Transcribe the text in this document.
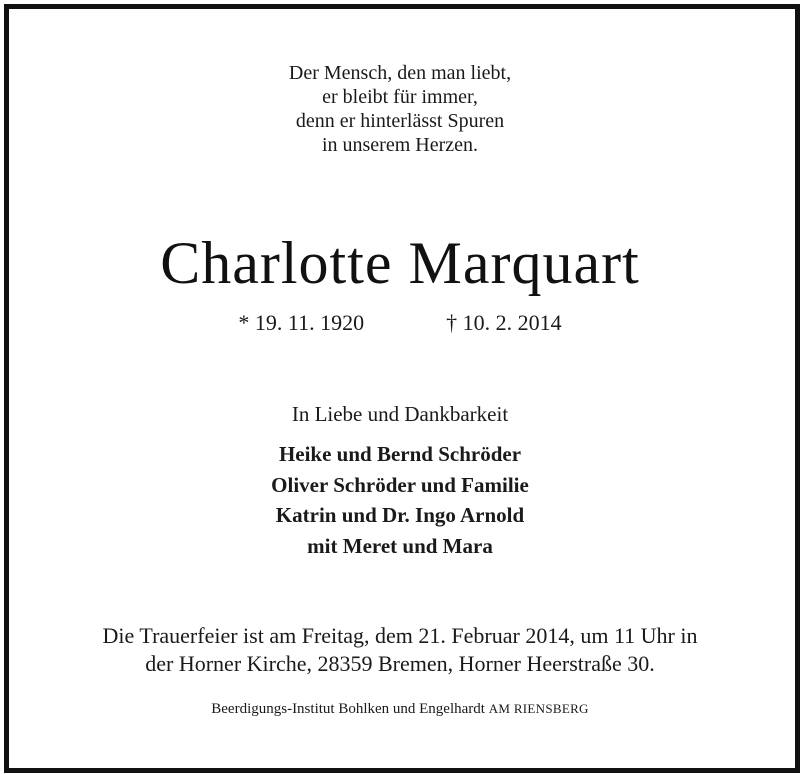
Der Mensch, den man liebt,
er bleibt für immer,
denn er hinterlässt Spuren
in unserem Herzen.
Charlotte Marquart
* 19. 11. 1920	† 10. 2. 2014
In Liebe und Dankbarkeit
Heike und Bernd Schröder
Oliver Schröder und Familie
Katrin und Dr. Ingo Arnold
mit Meret und Mara
Die Trauerfeier ist am Freitag, dem 21. Februar 2014, um 11 Uhr in
der Horner Kirche, 28359 Bremen, Horner Heerstraße 30.
Beerdigungs-Institut Bohlken und Engelhardt AM RIENSBERG
